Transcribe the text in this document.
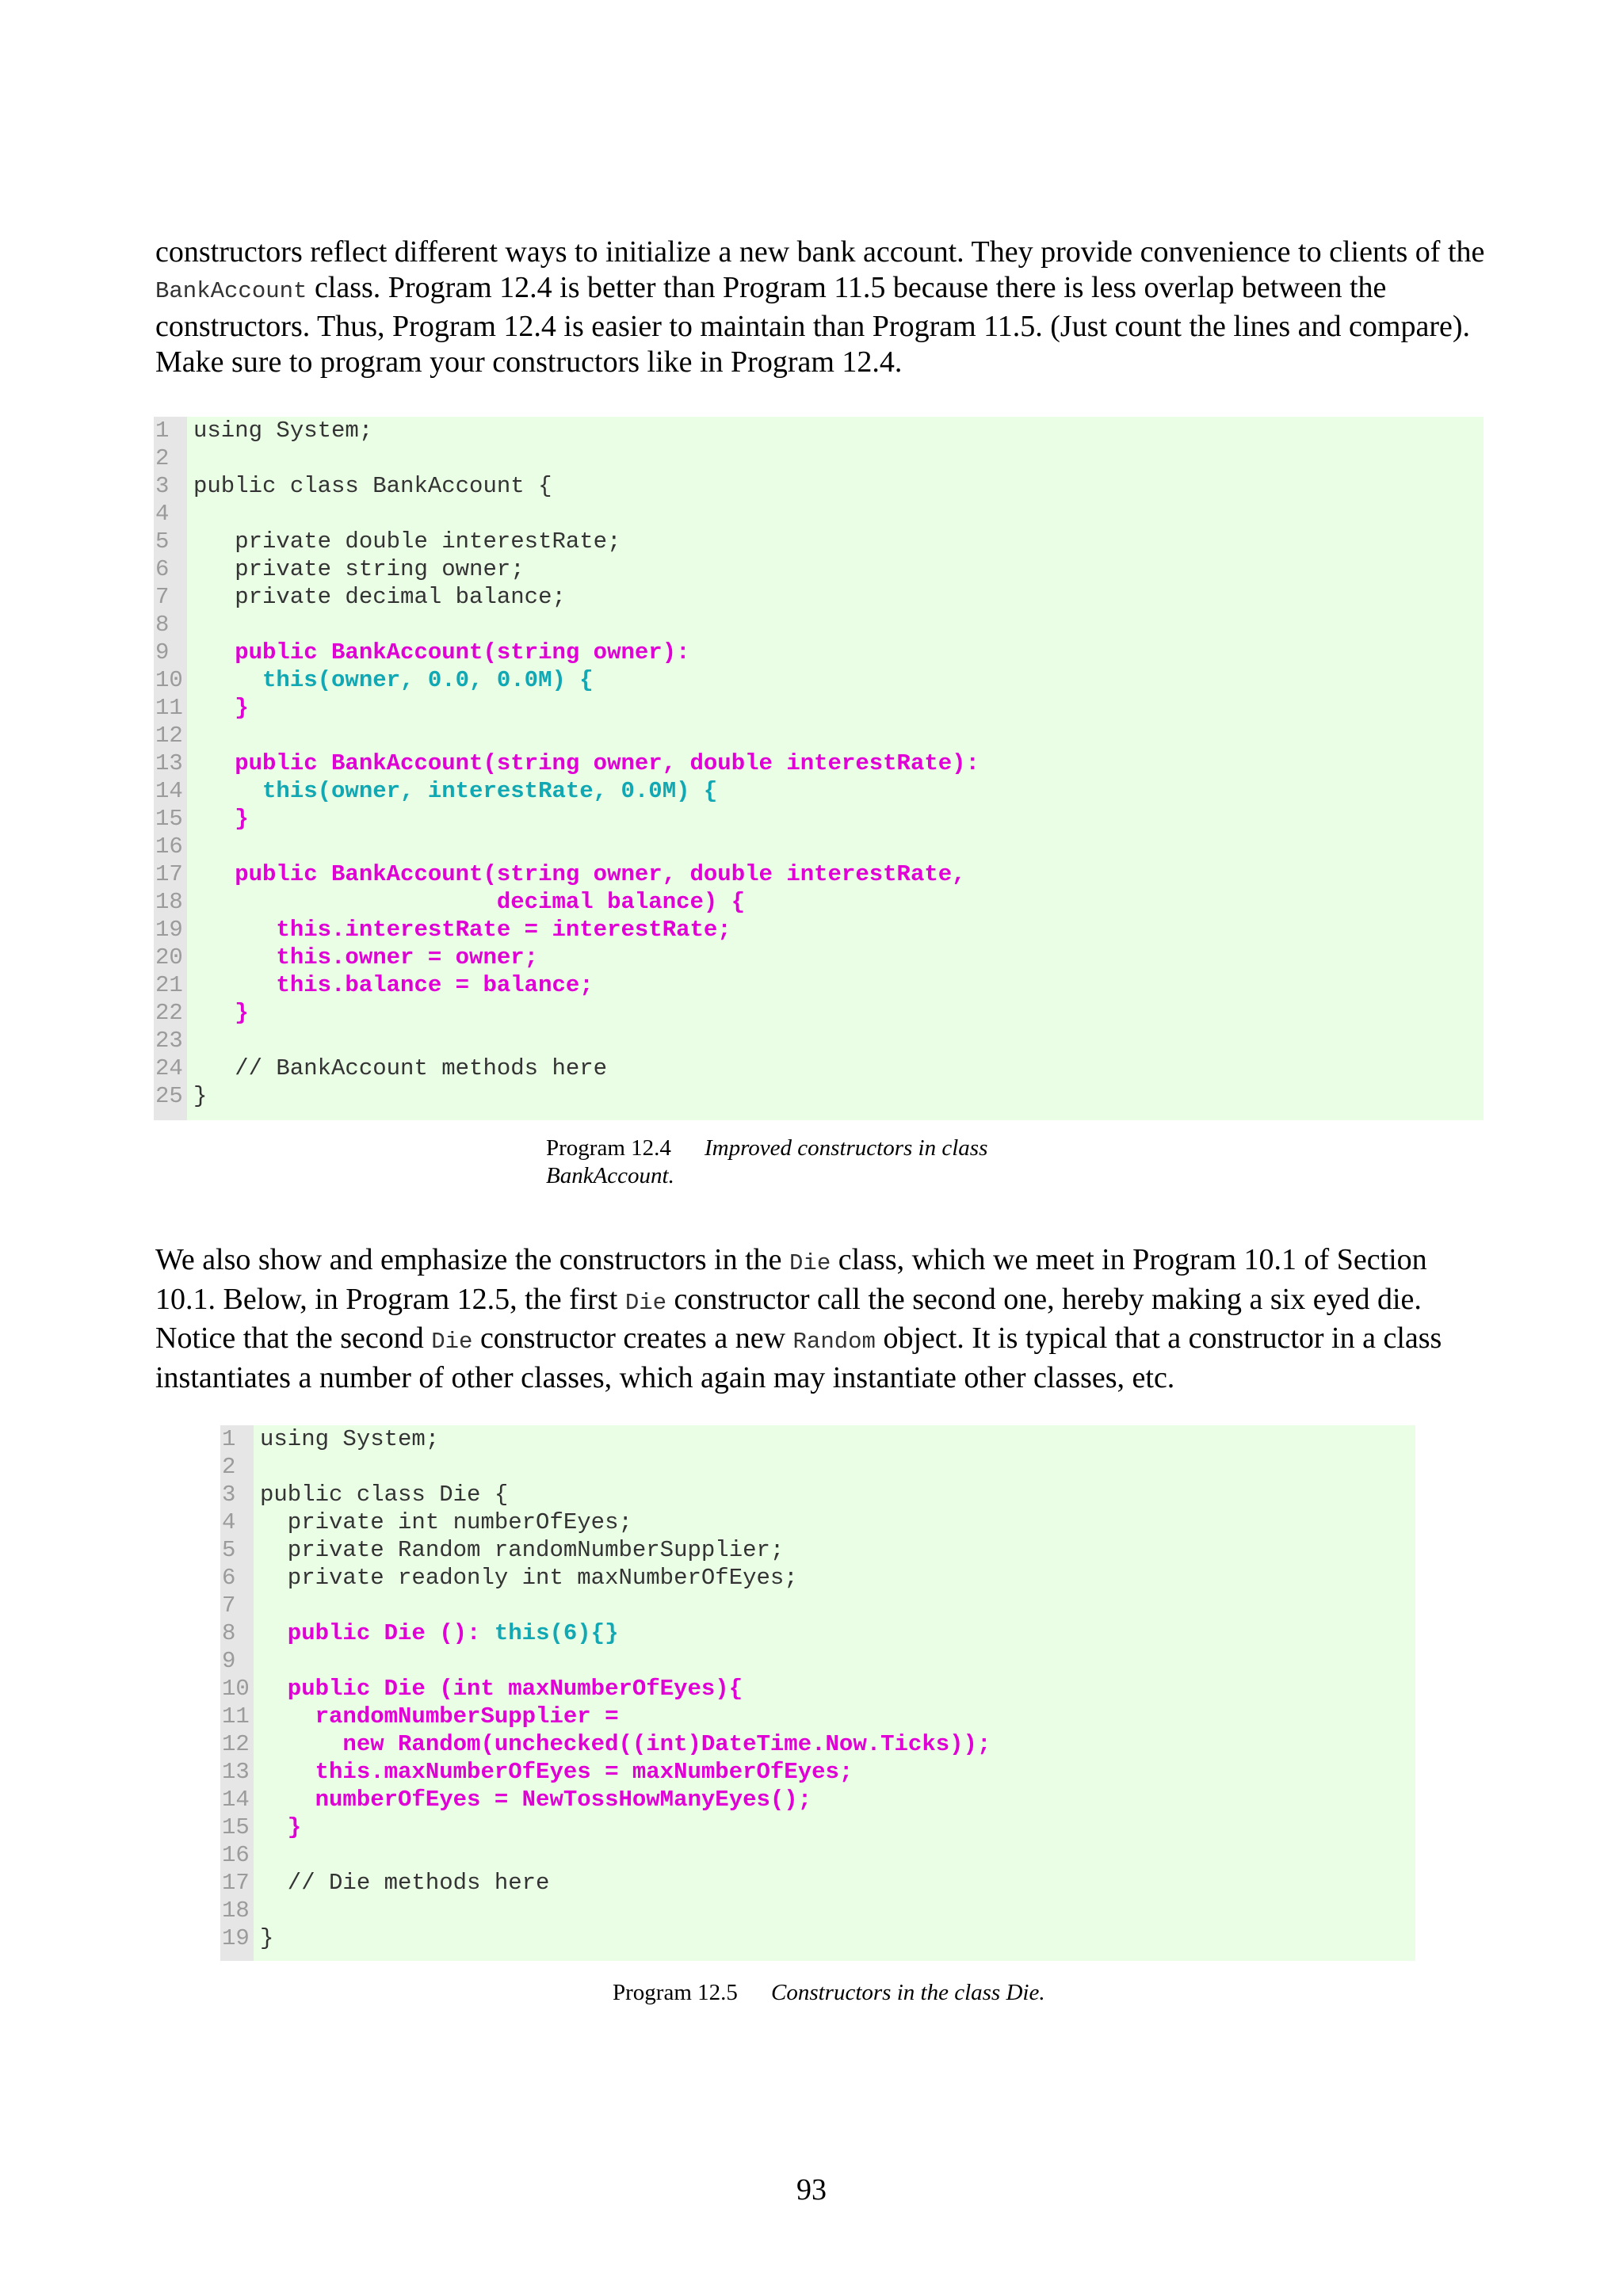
constructors reflect different ways to initialize a new bank account. They provide convenience to clients of the BankAccount class. Program 12.4 is better than Program 11.5 because there is less overlap between the constructors. Thus, Program 12.4 is easier to maintain than Program 11.5. (Just count the lines and compare). Make sure to program your constructors like in Program 12.4.

1	using System;
2
3	public class BankAccount {
4
5	private double interestRate;
6	private string owner;
7	private decimal balance;
8
9	public BankAccount(string owner):
10 this(owner, 0.0, 0.0M) {
11 }
12
13 public BankAccount(string owner, double interestRate):
14 this(owner, interestRate, 0.0M) {
15 }
16
17 public BankAccount(string owner, double interestRate,
18 decimal balance) {
19 this.interestRate = interestRate;
20 this.owner = owner;
21 this.balance = balance;
22 }
23
24 // BankAccount methods here
25 }

Program 12.4 Improved constructors in class
BankAccount.

We also show and emphasize the constructors in the Die class, which we meet in Program 10.1 of Section 10.1. Below, in Program 12.5, the first Die constructor call the second one, hereby making a six eyed die. Notice that the second Die constructor creates a new Random object. It is typical that a constructor in a class instantiates a number of other classes, which again may instantiate other classes, etc.

1	using System;
2
3	public class Die {
4	private int numberOfEyes;
5	private Random randomNumberSupplier;
6	private readonly int maxNumberOfEyes;
7
8	public Die (): this(6){}
9
10 public Die (int maxNumberOfEyes){
11 randomNumberSupplier =
12 new Random(unchecked((int)DateTime.Now.Ticks));
13 this.maxNumberOfEyes = maxNumberOfEyes;
14 numberOfEyes = NewTossHowManyEyes();
15 }
16
17 // Die methods here
18
19 }

Program 12.5 Constructors in the class Die.

93
